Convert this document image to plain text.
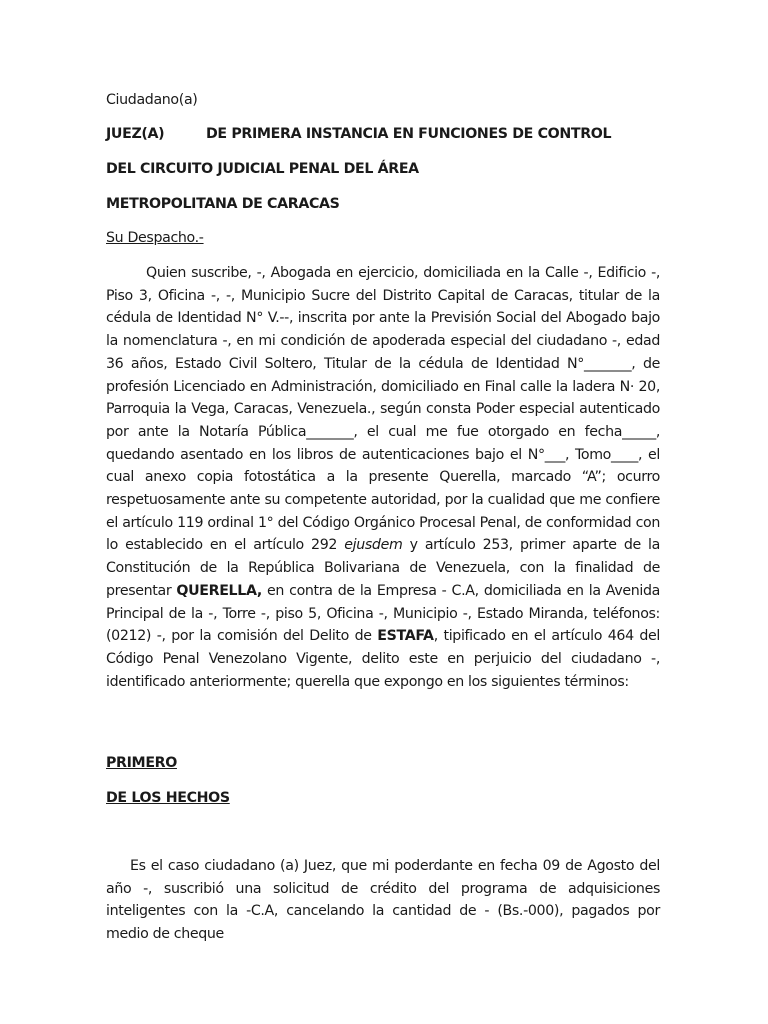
Ciudadano(a)
JUEZ(A)	DE PRIMERA INSTANCIA EN FUNCIONES DE CONTROL
DEL CIRCUITO JUDICIAL PENAL DEL ÁREA
METROPOLITANA DE CARACAS
Su Despacho.-
Quien suscribe, -, Abogada en ejercicio, domiciliada en la Calle -, Edificio -, Piso 3, Oficina -, -, Municipio Sucre del Distrito Capital de Caracas, titular de la cédula de Identidad N° V.--, inscrita por ante la Previsión Social del Abogado bajo la nomenclatura -, en mi condición de apoderada especial del ciudadano -, edad 36 años, Estado Civil Soltero, Titular de la cédula de Identidad N°_______, de profesión Licenciado en Administración, domiciliado en Final calle la ladera N· 20, Parroquia la Vega, Caracas, Venezuela., según consta Poder especial autenticado por ante la Notaría Pública_______, el cual me fue otorgado en fecha_____, quedando asentado en los libros de autenticaciones bajo el N°___, Tomo____, el cual anexo copia fotostática a la presente Querella, marcado “A”; ocurro respetuosamente ante su competente autoridad, por la cualidad que me confiere el artículo 119 ordinal 1° del Código Orgánico Procesal Penal, de conformidad con lo establecido en el artículo 292 ejusdem y artículo 253, primer aparte de la Constitución de la República Bolivariana de Venezuela, con la finalidad de presentar QUERELLA, en contra de la Empresa - C.A, domiciliada en la Avenida Principal de la -, Torre -, piso 5, Oficina -, Municipio -, Estado Miranda, teléfonos: (0212) -, por la comisión del Delito de ESTAFA, tipificado en el artículo 464 del Código Penal Venezolano Vigente, delito este en perjuicio del ciudadano -, identificado anteriormente; querella que expongo en los siguientes términos:
PRIMERO
DE LOS HECHOS
Es el caso ciudadano (a) Juez, que mi poderdante en fecha 09 de Agosto del año -, suscribió una solicitud de crédito del programa de adquisiciones inteligentes con la -C.A, cancelando la cantidad de - (Bs.-000), pagados por medio de cheque
